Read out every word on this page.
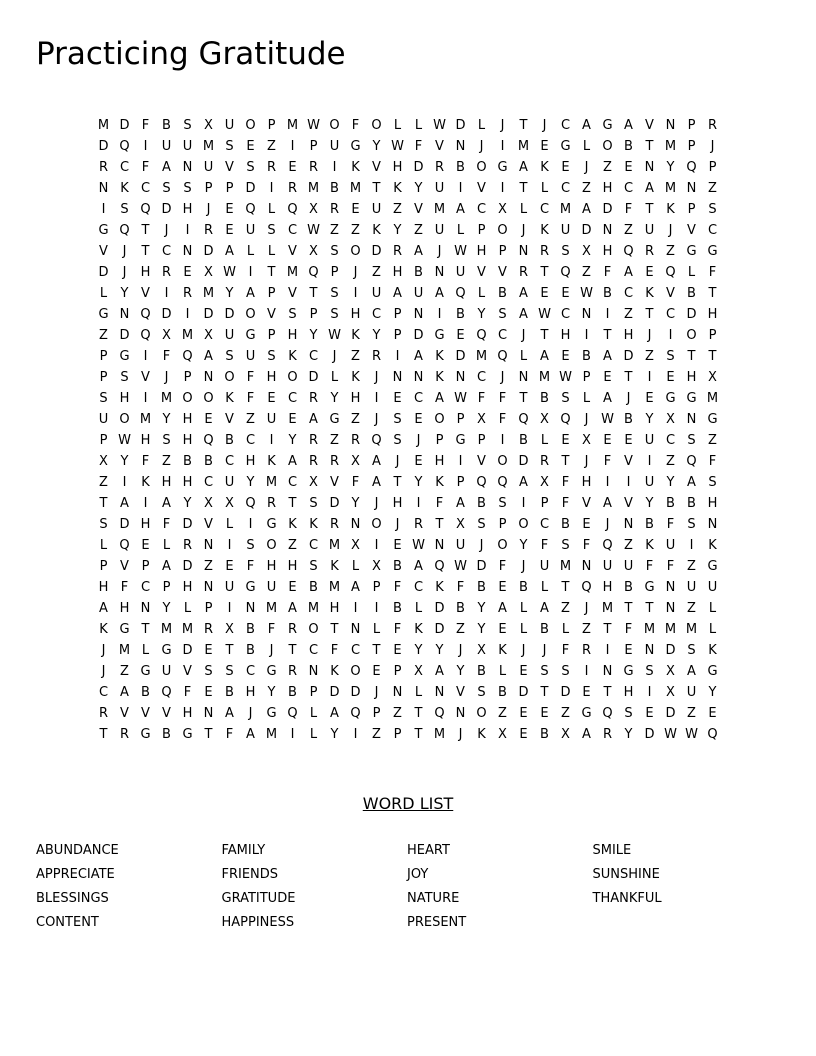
Practicing Gratitude
M D F B S X U O P M W O F O L	L W D L	J	T	J	C A G A V N P R
D Q	I	U U M S E Z	I	P U G Y W F V N	J	I	M E G L O B T M P	J
R C F A N U V S R E R	I	K V H D R B O G A K E	J	Z E N Y Q P
N K C S S P	P D	I	R M B M T K Y U	I	V	I	T	L C Z H C A M N Z
I	S Q D H	J	E Q L Q X R E U Z V M A C X L C M A D F	T K P S
G Q T	J	I	R E U S C W Z Z K Y Z U L	P O	J	K U D N Z U	J	V C
V	J	T C N D A L	L V X S O D R A	J W H P N R S X H Q R Z G G
D	J	H R E X W I	T M Q P	J	Z H B N U V V R T Q Z F A E Q L	F
L	Y V	I	R M Y A P V T S	I	U A U A Q L B A E E W B C K V B T
G N Q D	I	D D O V S P S H C P N	I	B Y S A W C N	I	Z T C D H
Z D Q X M X U G P H Y W K Y	P D G E Q C	J	T H	I	T H	J	I	O P
P G	I	F Q A S U S K C	J	Z R	I	A K D M Q L A E B A D Z S T	T
P S V	J	P N O F H O D L	K	J	N N K N C	J	N M W P E T	I	E H X
S H	I	M O O K F	E C R Y H	I	E C A W F	F	T B S	L A	J	E G G M
U O M Y H E V Z U E A G Z	J	S E O P X F Q X Q	J W B Y X N G
P W H S H Q B C	I	Y R Z R Q S	J	P G P	I	B L	E X E E U C S Z
X Y	F Z B B C H K A R R X A	J	E H	I	V O D R T	J	F V	I	Z Q F
Z	I	K H H C U Y M C X V F A T	Y K P Q Q A X F H	I	I	U Y A S
T A	I	A Y X X Q R T S D Y	J	H	I	F A B S	I	P	F V A V Y B B H
S D H F D V L	I	G K K R N O	J	R T X S P O C B E	J	N B F	S N
L Q E	L R N	I	S O Z C M X	I	E W N U	J	O Y	F	S	F Q Z K U	I	K
P V P A D Z E	F H H S K	L X B A Q W D F	J	U M N U U F	F Z G
H F C P H N U G U E B M A P	F C K F B E B L	T Q H B G N U U
A H N Y	L	P	I	N M A M H	I	I	B L D B Y A L A Z	J	M T	T N Z L
K G T M M R X B F R O T N L	F	K D Z Y E	L B L Z T	F M M M L
J	M L G D E T B	J	T C F C T E Y	Y	J	X K	J	J	F R	I	E N D S K
J	Z G U V S S C G R N K O E P X A Y B L	E S S	I	N G S X A G
C A B Q F	E B H Y B P D D	J	N L N V S B D T D E T H	I	X U Y
R V V V H N A	J	G Q L A Q P Z T Q N O Z E E Z G Q S E D Z E
T R G B G T	F A M	I	L	Y	I	Z P	T M	J	K X E B X A R Y D W W Q
WORD LIST
ABUNDANCE
APPRECIATE
BLESSINGS
CONTENT
FAMILY
FRIENDS
GRATITUDE
HAPPINESS
HEART
JOY
NATURE
PRESENT
SMILE
SUNSHINE
THANKFUL
